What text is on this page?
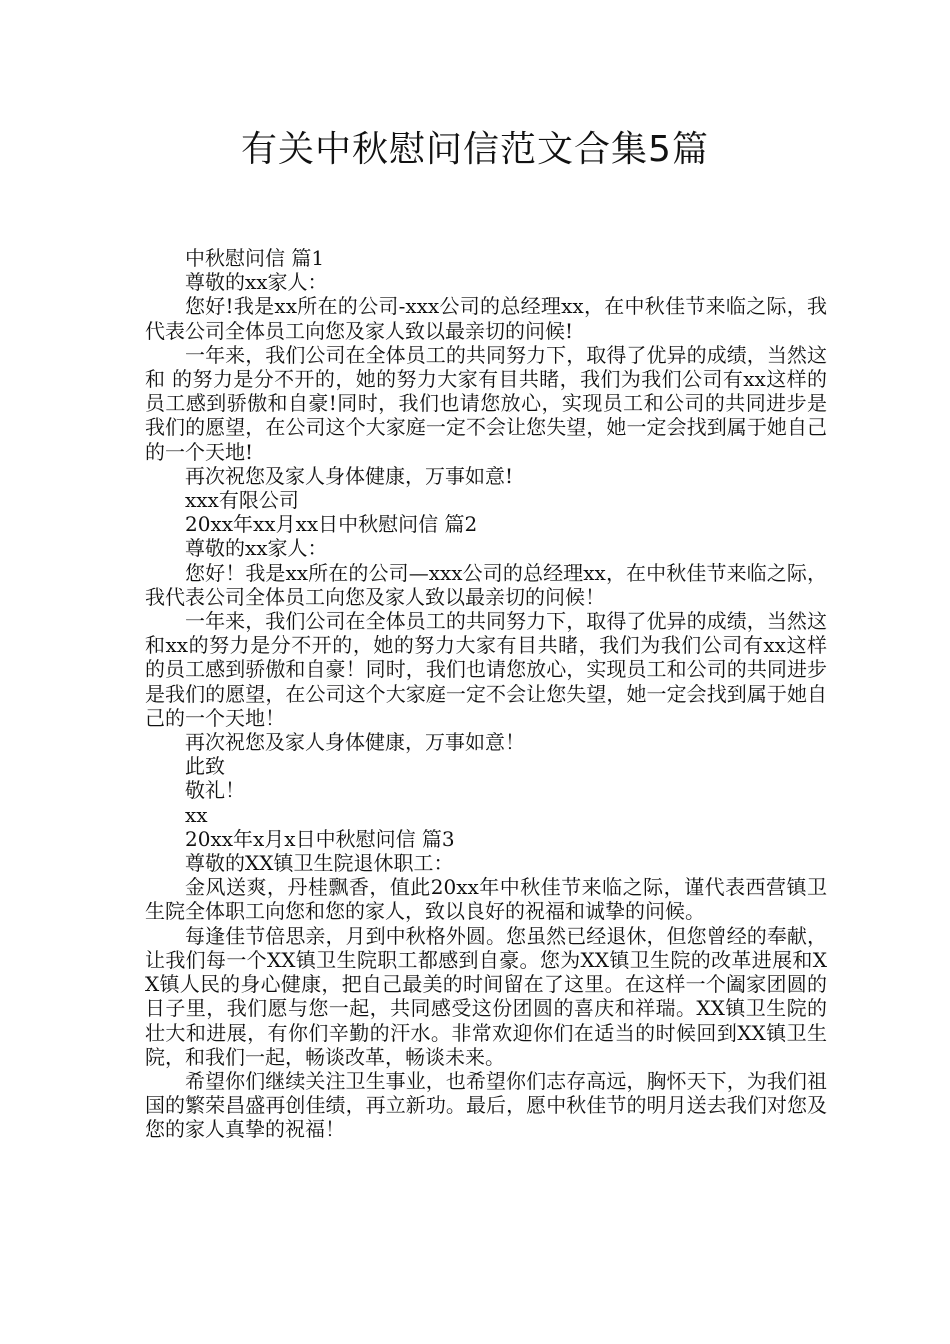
有关中秋慰问信范文合集5篇

中秋慰问信 篇1

尊敬的xx家人：

您好!我是xx所在的公司-xxx公司的总经理xx，在中秋佳节来临之际，我代表公司全体员工向您及家人致以最亲切的问候!

一年来，我们公司在全体员工的共同努力下，取得了优异的成绩，当然这和 的努力是分不开的，她的努力大家有目共睹，我们为我们公司有xx这样的员工感到骄傲和自豪!同时，我们也请您放心，实现员工和公司的共同进步是我们的愿望，在公司这个大家庭一定不会让您失望，她一定会找到属于她自己的一个天地!

再次祝您及家人身体健康，万事如意!

xxx有限公司

20xx年xx月xx日中秋慰问信 篇2

尊敬的xx家人：

您好！我是xx所在的公司—xxx公司的总经理xx，在中秋佳节来临之际，我代表公司全体员工向您及家人致以最亲切的问候！

一年来，我们公司在全体员工的共同努力下，取得了优异的成绩，当然这和xx的努力是分不开的，她的努力大家有目共睹，我们为我们公司有xx这样的员工感到骄傲和自豪！同时，我们也请您放心，实现员工和公司的共同进步是我们的愿望，在公司这个大家庭一定不会让您失望，她一定会找到属于她自己的一个天地！

再次祝您及家人身体健康，万事如意！

此致

敬礼！

xx

20xx年x月x日中秋慰问信 篇3

尊敬的XX镇卫生院退休职工：

金风送爽，丹桂飘香，值此20xx年中秋佳节来临之际，谨代表西营镇卫生院全体职工向您和您的家人，致以良好的祝福和诚挚的问候。

每逢佳节倍思亲，月到中秋格外圆。您虽然已经退休，但您曾经的奉献，让我们每一个XX镇卫生院职工都感到自豪。您为XX镇卫生院的改革进展和XX镇人民的身心健康，把自己最美的时间留在了这里。在这样一个阖家团圆的日子里，我们愿与您一起，共同感受这份团圆的喜庆和祥瑞。XX镇卫生院的壮大和进展，有你们辛勤的汗水。非常欢迎你们在适当的时候回到XX镇卫生院，和我们一起，畅谈改革，畅谈未来。

希望你们继续关注卫生事业，也希望你们志存高远，胸怀天下，为我们祖国的繁荣昌盛再创佳绩，再立新功。最后，愿中秋佳节的明月送去我们对您及您的家人真挚的祝福！
